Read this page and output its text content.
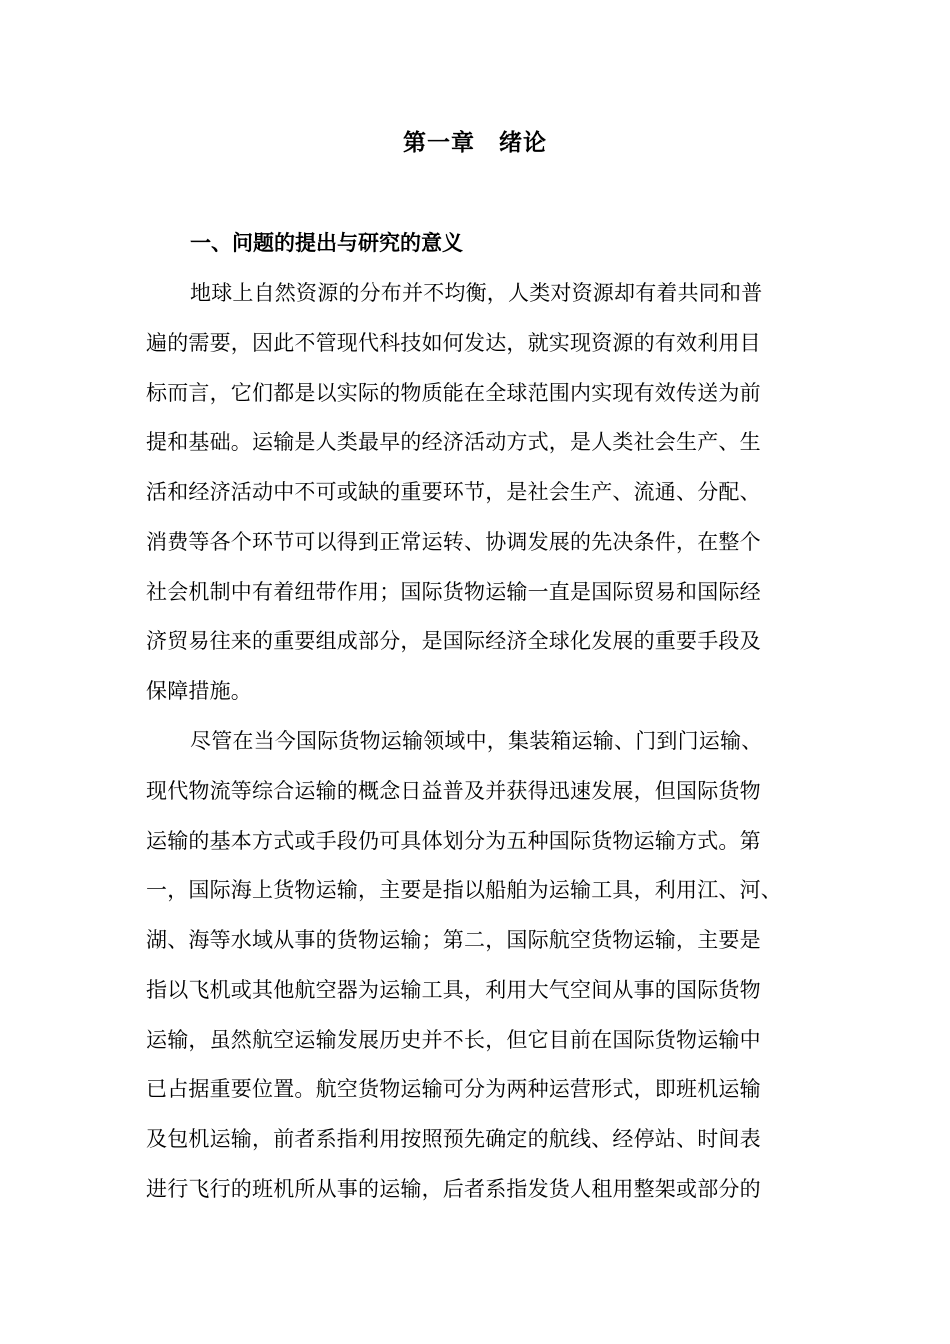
第一章　绪论
一、问题的提出与研究的意义
地球上自然资源的分布并不均衡，人类对资源却有着共同和普
遍的需要，因此不管现代科技如何发达，就实现资源的有效利用目
标而言，它们都是以实际的物质能在全球范围内实现有效传送为前
提和基础。运输是人类最早的经济活动方式，是人类社会生产、生
活和经济活动中不可或缺的重要环节，是社会生产、流通、分配、
消费等各个环节可以得到正常运转、协调发展的先决条件，在整个
社会机制中有着纽带作用；国际货物运输一直是国际贸易和国际经
济贸易往来的重要组成部分，是国际经济全球化发展的重要手段及
保障措施。
尽管在当今国际货物运输领域中，集装箱运输、门到门运输、
现代物流等综合运输的概念日益普及并获得迅速发展，但国际货物
运输的基本方式或手段仍可具体划分为五种国际货物运输方式。第
一，国际海上货物运输，主要是指以船舶为运输工具，利用江、河、
湖、海等水域从事的货物运输；第二，国际航空货物运输，主要是
指以飞机或其他航空器为运输工具，利用大气空间从事的国际货物
运输，虽然航空运输发展历史并不长，但它目前在国际货物运输中
已占据重要位置。航空货物运输可分为两种运营形式，即班机运输
及包机运输，前者系指利用按照预先确定的航线、经停站、时间表
进行飞行的班机所从事的运输，后者系指发货人租用整架或部分的
